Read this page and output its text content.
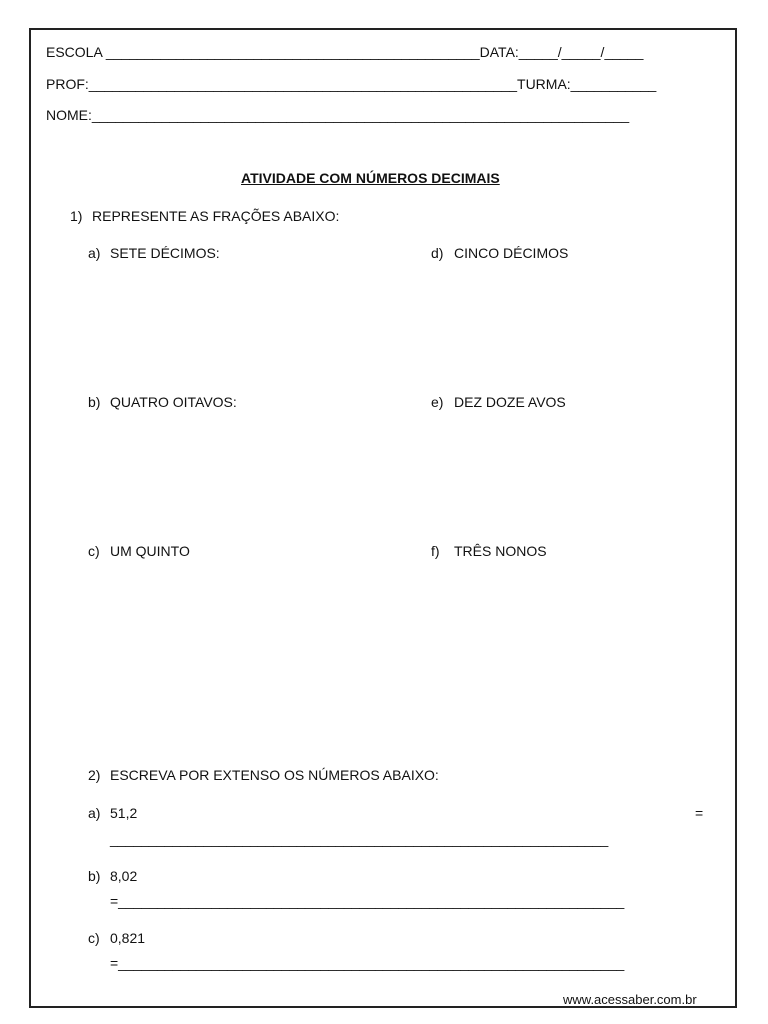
ESCOLA ________________________________________________DATA:_____/_____/_____
PROF:_______________________________________________________TURMA:___________
NOME:_____________________________________________________________________
ATIVIDADE COM NÚMEROS DECIMAIS
1) REPRESENTE AS FRAÇÕES ABAIXO:
a) SETE DÉCIMOS:	d) CINCO DÉCIMOS
b) QUATRO OITAVOS:	e) DEZ DOZE AVOS
c) UM QUINTO	f) TRÊS NONOS
2) ESCREVA POR EXTENSO OS NÚMEROS ABAIXO:
a) 51,2	=
________________________________________________________________
b) 8,02
=_________________________________________________________________
c) 0,821
=_________________________________________________________________
www.acessaber.com.br
